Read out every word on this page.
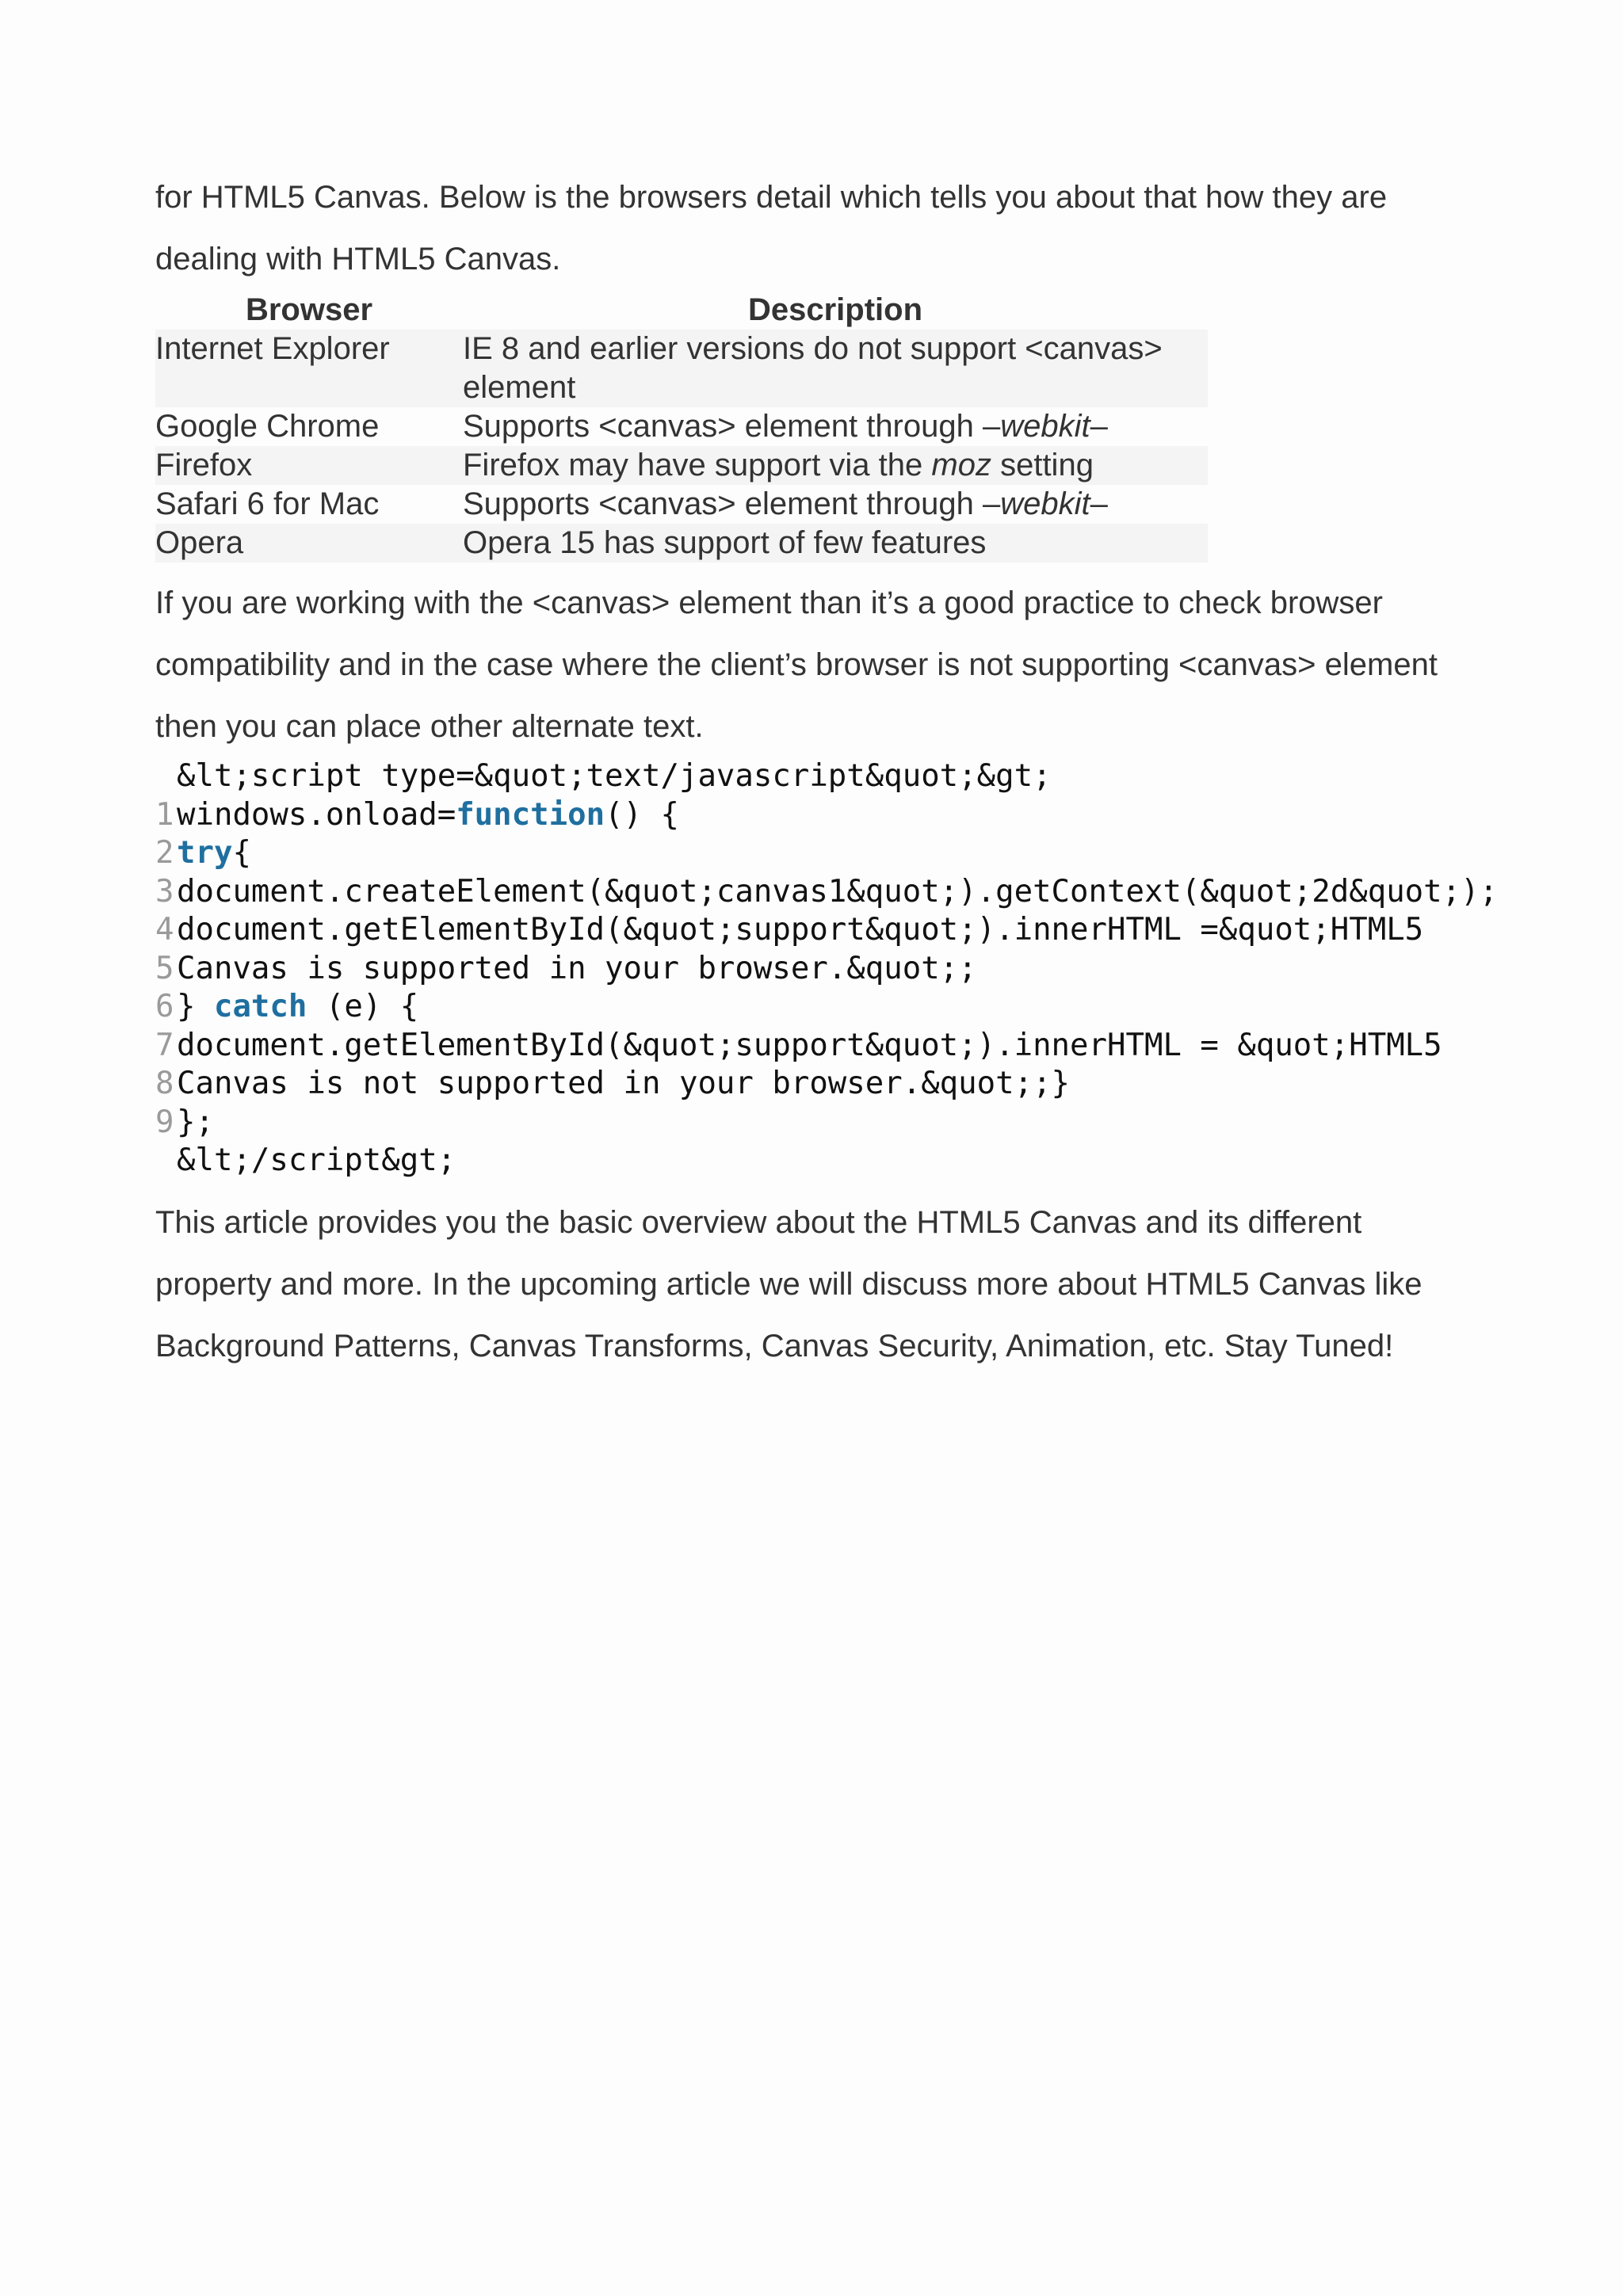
for HTML5 Canvas. Below is the browsers detail which tells you about that how they are
dealing with HTML5 Canvas.

Browser	Description
Internet Explorer	IE 8 and earlier versions do not support <canvas> element
Google Chrome	Supports <canvas> element through –webkit–
Firefox	Firefox may have support via the moz setting
Safari 6 for Mac	Supports <canvas> element through –webkit–
Opera	Opera 15 has support of few features

If you are working with the <canvas> element than it’s a good practice to check browser
compatibility and in the case where the client’s browser is not supporting <canvas> element
then you can place other alternate text.

&lt;script type=&quot;text/javascript&quot;&gt;
1windows.onload=function() {
2try{
3document.createElement(&quot;canvas1&quot;).getContext(&quot;2d&quot;);
4document.getElementById(&quot;support&quot;).innerHTML =&quot;HTML5
5Canvas is supported in your browser.&quot;;
6} catch (e) {
7document.getElementById(&quot;support&quot;).innerHTML = &quot;HTML5
8Canvas is not supported in your browser.&quot;;}
9};
&lt;/script&gt;

This article provides you the basic overview about the HTML5 Canvas and its different
property and more. In the upcoming article we will discuss more about HTML5 Canvas like
Background Patterns, Canvas Transforms, Canvas Security, Animation, etc. Stay Tuned!
